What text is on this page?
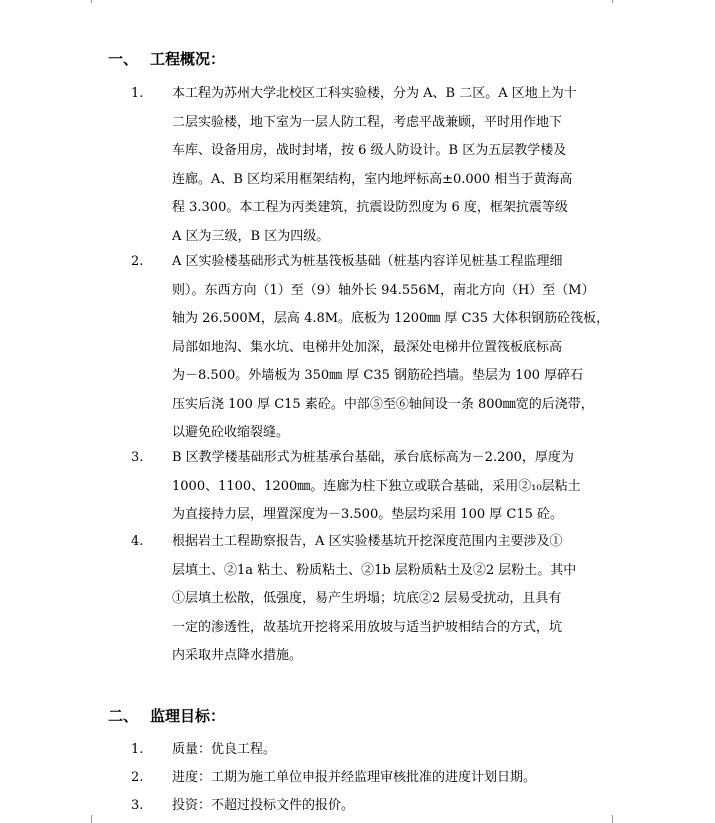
一、 工程概况：
1.	本工程为苏州大学北校区工科实验楼，分为 A、B 二区。A 区地上为十
二层实验楼，地下室为一层人防工程，考虑平战兼顾，平时用作地下
车库、设备用房，战时封堵，按 6 级人防设计。B 区为五层教学楼及
连廊。A、B 区均采用框架结构，室内地坪标高±0.000 相当于黄海高
程 3.300。本工程为丙类建筑，抗震设防烈度为 6 度，框架抗震等级
A 区为三级，B 区为四级。
2.	A 区实验楼基础形式为桩基筏板基础（桩基内容详见桩基工程监理细
则）。东西方向（1）至（9）轴外长 94.556M，南北方向（H）至（M）
轴为 26.500M，层高 4.8M。底板为 1200㎜ 厚 C35 大体积钢筋砼筏板，
局部如地沟、集水坑、电梯井处加深，最深处电梯井位置筏板底标高
为－8.500。外墙板为 350㎜ 厚 C35 钢筋砼挡墙。垫层为 100 厚碎石
压实后浇 100 厚 C15 素砼。中部⑤至⑥轴间设一条 800㎜宽的后浇带，
以避免砼收缩裂缝。
3.	B 区教学楼基础形式为桩基承台基础，承台底标高为－2.200，厚度为
1000、1100、1200㎜。连廊为柱下独立或联合基础，采用②₁₀层粘土
为直接持力层，埋置深度为－3.500。垫层均采用 100 厚 C15 砼。
4.	根据岩土工程勘察报告，A 区实验楼基坑开挖深度范围内主要涉及①
层填土、②1a 粘土、粉质粘土、②1b 层粉质粘土及②2 层粉土。其中
①层填土松散，低强度，易产生坍塌；坑底②2 层易受扰动，且具有
一定的渗透性，故基坑开挖将采用放坡与适当护坡相结合的方式，坑
内采取井点降水措施。
二、 监理目标：
1. 质量：优良工程。
2. 进度：工期为施工单位申报并经监理审核批准的进度计划日期。
3. 投资：不超过投标文件的报价。
